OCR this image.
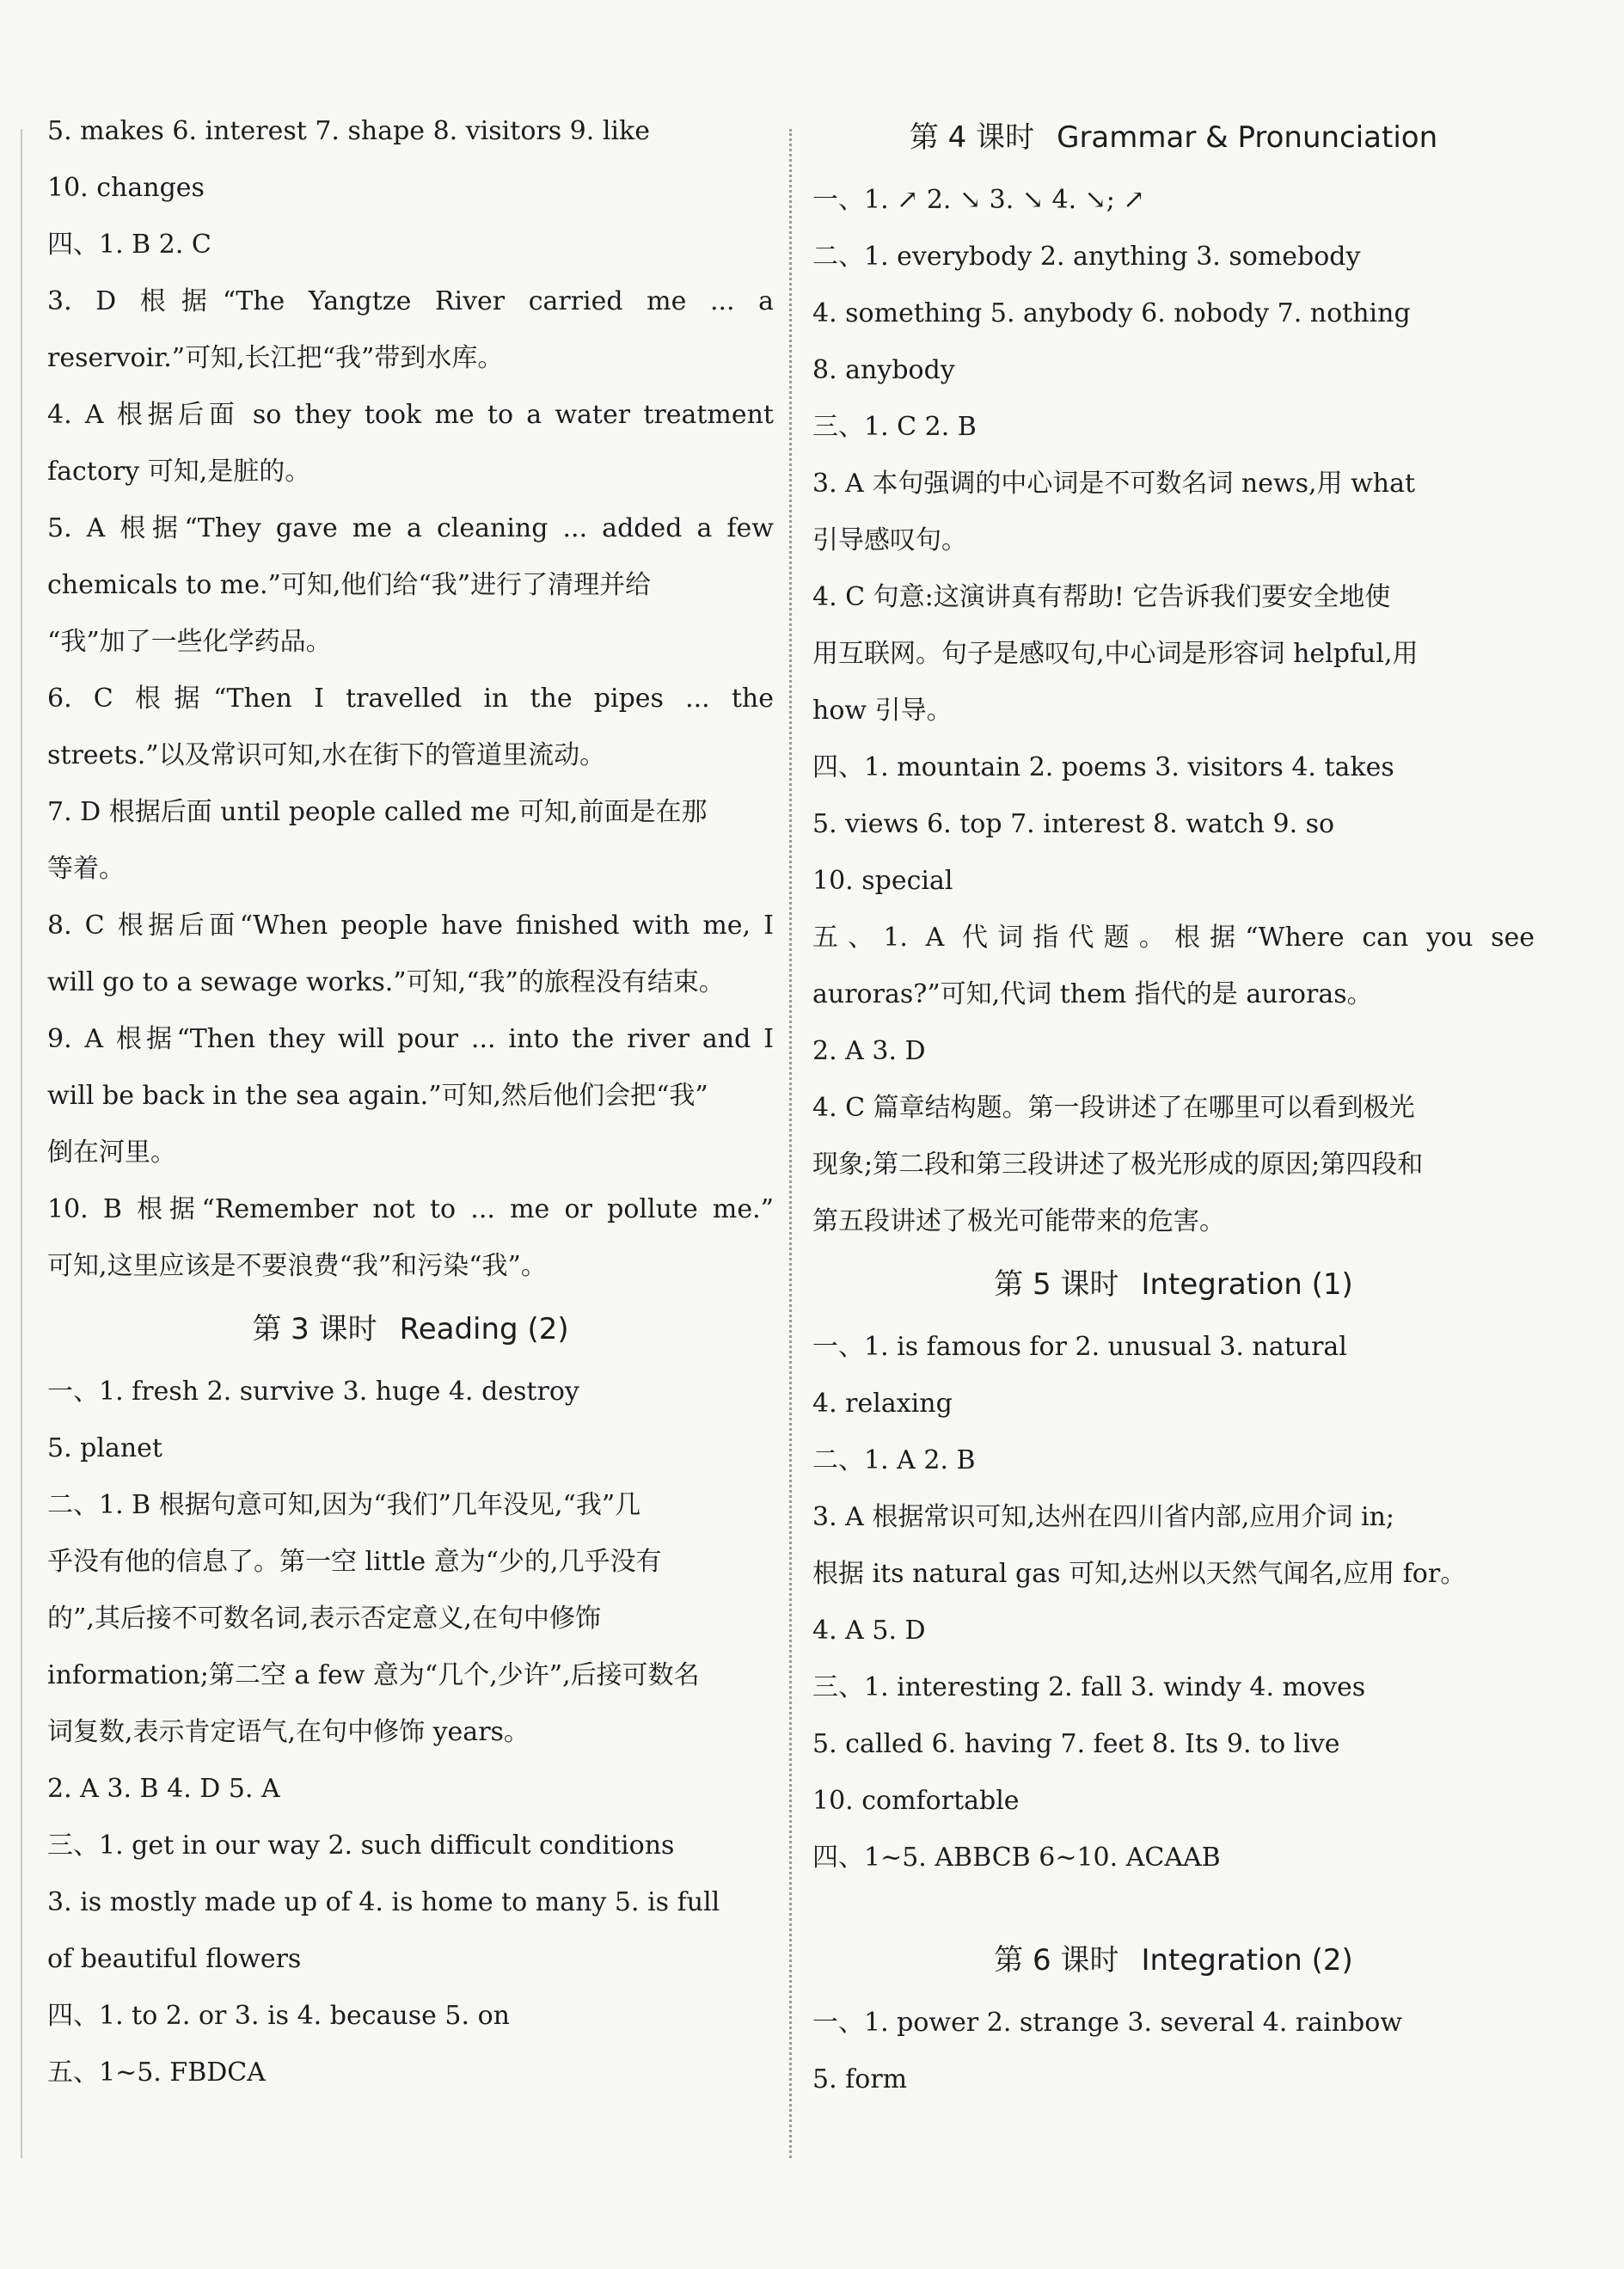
5. makes 6. interest 7. shape 8. visitors 9. like
10. changes
四、1. B 2. C
3. D 根据“The Yangtze River carried me ... a
reservoir.”可知,长江把“我”带到水库。
4. A 根据后面 so they took me to a water treatment
factory 可知,是脏的。
5. A 根据“They gave me a cleaning ... added a few
chemicals to me.”可知,他们给“我”进行了清理并给
“我”加了一些化学药品。
6. C 根据“Then I travelled in the pipes ... the
streets.”以及常识可知,水在街下的管道里流动。
7. D 根据后面 until people called me 可知,前面是在那
等着。
8. C 根据后面“When people have finished with me, I
will go to a sewage works.”可知,“我”的旅程没有结束。
9. A 根据“Then they will pour ... into the river and I
will be back in the sea again.”可知,然后他们会把“我”
倒在河里。
10. B 根据“Remember not to ... me or pollute me.”
可知,这里应该是不要浪费“我”和污染“我”。
第 3 课时 Reading (2)
一、1. fresh 2. survive 3. huge 4. destroy
5. planet
二、1. B 根据句意可知,因为“我们”几年没见,“我”几
乎没有他的信息了。第一空 little 意为“少的,几乎没有
的”,其后接不可数名词,表示否定意义,在句中修饰
information;第二空 a few 意为“几个,少许”,后接可数名
词复数,表示肯定语气,在句中修饰 years。
2. A 3. B 4. D 5. A
三、1. get in our way 2. such difficult conditions
3. is mostly made up of 4. is home to many 5. is full
of beautiful flowers
四、1. to 2. or 3. is 4. because 5. on
五、1~5. FBDCA
第 4 课时 Grammar & Pronunciation
一、1. ↗ 2. ↘ 3. ↘ 4. ↘; ↗
二、1. everybody 2. anything 3. somebody
4. something 5. anybody 6. nobody 7. nothing
8. anybody
三、1. C 2. B
3. A 本句强调的中心词是不可数名词 news,用 what
引导感叹句。
4. C 句意:这演讲真有帮助! 它告诉我们要安全地使
用互联网。句子是感叹句,中心词是形容词 helpful,用
how 引导。
四、1. mountain 2. poems 3. visitors 4. takes
5. views 6. top 7. interest 8. watch 9. so
10. special
五、1. A 代词指代题。根据“Where can you see
auroras?”可知,代词 them 指代的是 auroras。
2. A 3. D
4. C 篇章结构题。第一段讲述了在哪里可以看到极光
现象;第二段和第三段讲述了极光形成的原因;第四段和
第五段讲述了极光可能带来的危害。
第 5 课时 Integration (1)
一、1. is famous for 2. unusual 3. natural
4. relaxing
二、1. A 2. B
3. A 根据常识可知,达州在四川省内部,应用介词 in;
根据 its natural gas 可知,达州以天然气闻名,应用 for。
4. A 5. D
三、1. interesting 2. fall 3. windy 4. moves
5. called 6. having 7. feet 8. Its 9. to live
10. comfortable
四、1~5. ABBCB 6~10. ACAAB
第 6 课时 Integration (2)
一、1. power 2. strange 3. several 4. rainbow
5. form
